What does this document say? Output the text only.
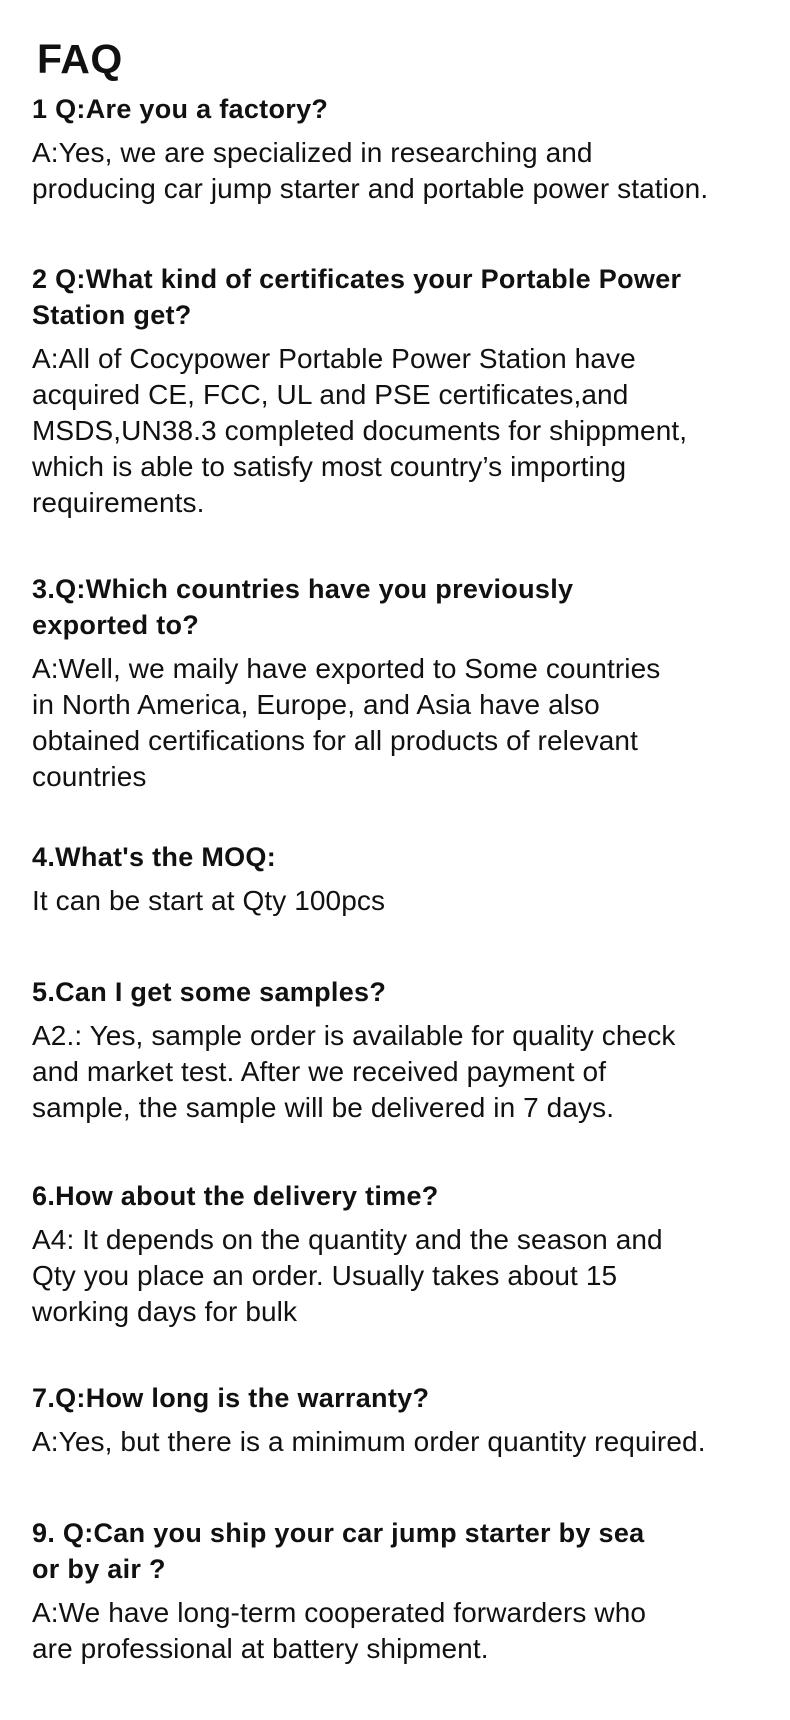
FAQ
1 Q:Are you a factory?

A:Yes, we are specialized in researching and
producing car jump starter and portable power station.

2 Q:What kind of certificates your Portable Power
Station get?

A:All of Cocypower Portable Power Station have
acquired CE, FCC, UL and PSE certificates,and
MSDS,UN38.3 completed documents for shippment,
which is able to satisfy most country’s importing
requirements.

3.Q:Which countries have you previously
exported to?

A:Well, we maily have exported to Some countries
in North America, Europe, and Asia have also
obtained certifications for all products of relevant
countries

4.What's the MOQ:

It can be start at Qty 100pcs

5.Can I get some samples?

A2.: Yes, sample order is available for quality check
and market test. After we received payment of
sample, the sample will be delivered in 7 days.

6.How about the delivery time?

A4: It depends on the quantity and the season and
Qty you place an order. Usually takes about 15
working days for bulk

7.Q:How long is the warranty?

A:Yes, but there is a minimum order quantity required.

9. Q:Can you ship your car jump starter by sea
or by air ?

A:We have long-term cooperated forwarders who
are professional at battery shipment.
